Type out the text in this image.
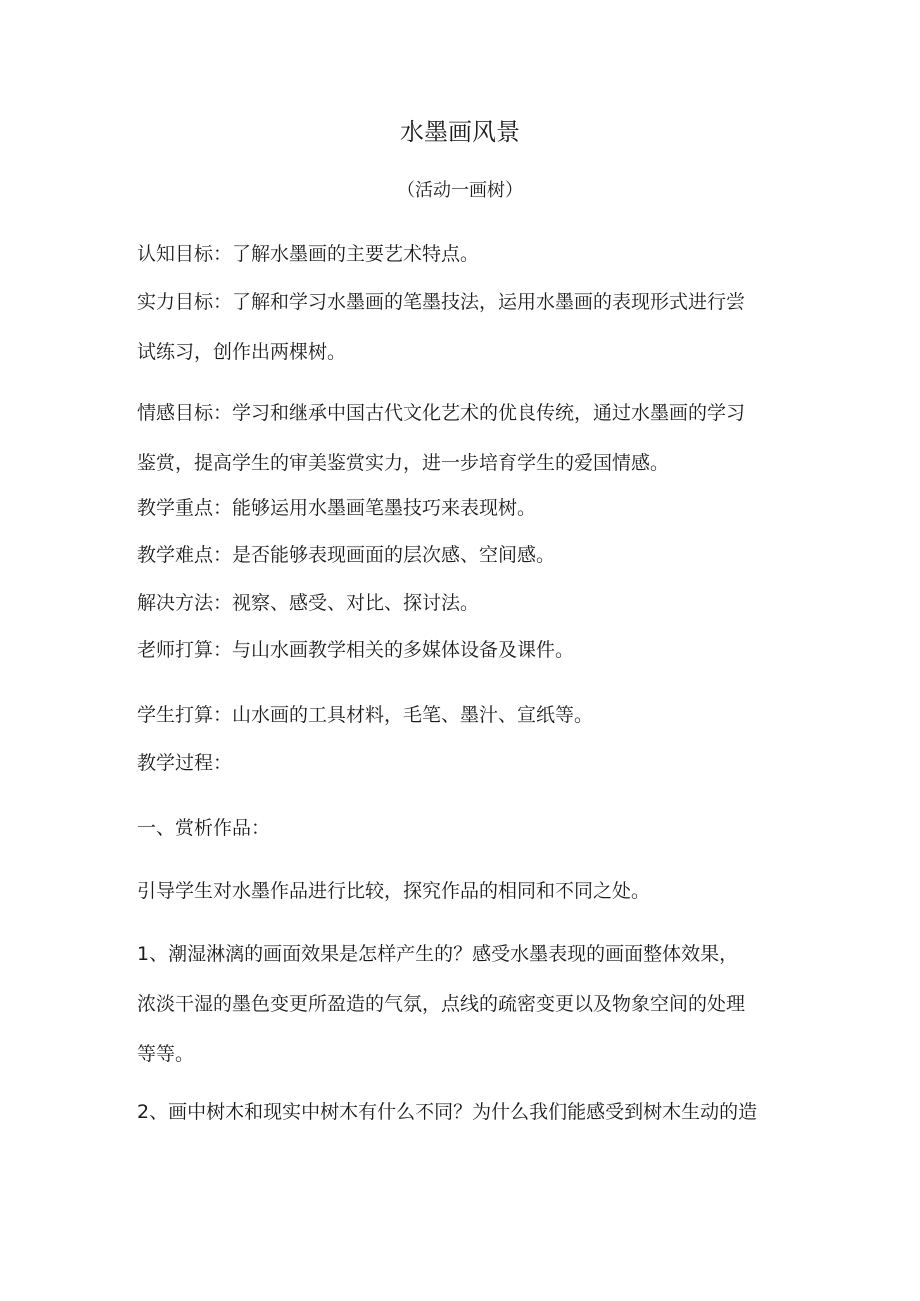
水墨画风景
（活动一画树）

认知目标：了解水墨画的主要艺术特点。

实力目标：了解和学习水墨画的笔墨技法，运用水墨画的表现形式进行尝
试练习，创作出两棵树。

情感目标：学习和继承中国古代文化艺术的优良传统，通过水墨画的学习
鉴赏，提高学生的审美鉴赏实力，进一步培育学生的爱国情感。

教学重点：能够运用水墨画笔墨技巧来表现树。

教学难点：是否能够表现画面的层次感、空间感。

解决方法：视察、感受、对比、探讨法。

老师打算：与山水画教学相关的多媒体设备及课件。

学生打算：山水画的工具材料，毛笔、墨汁、宣纸等。

教学过程：

一、赏析作品：

引导学生对水墨作品进行比较，探究作品的相同和不同之处。

1、潮湿淋漓的画面效果是怎样产生的？感受水墨表现的画面整体效果，
浓淡干湿的墨色变更所盈造的气氛，点线的疏密变更以及物象空间的处理
等等。

2、画中树木和现实中树木有什么不同？为什么我们能感受到树木生动的造
